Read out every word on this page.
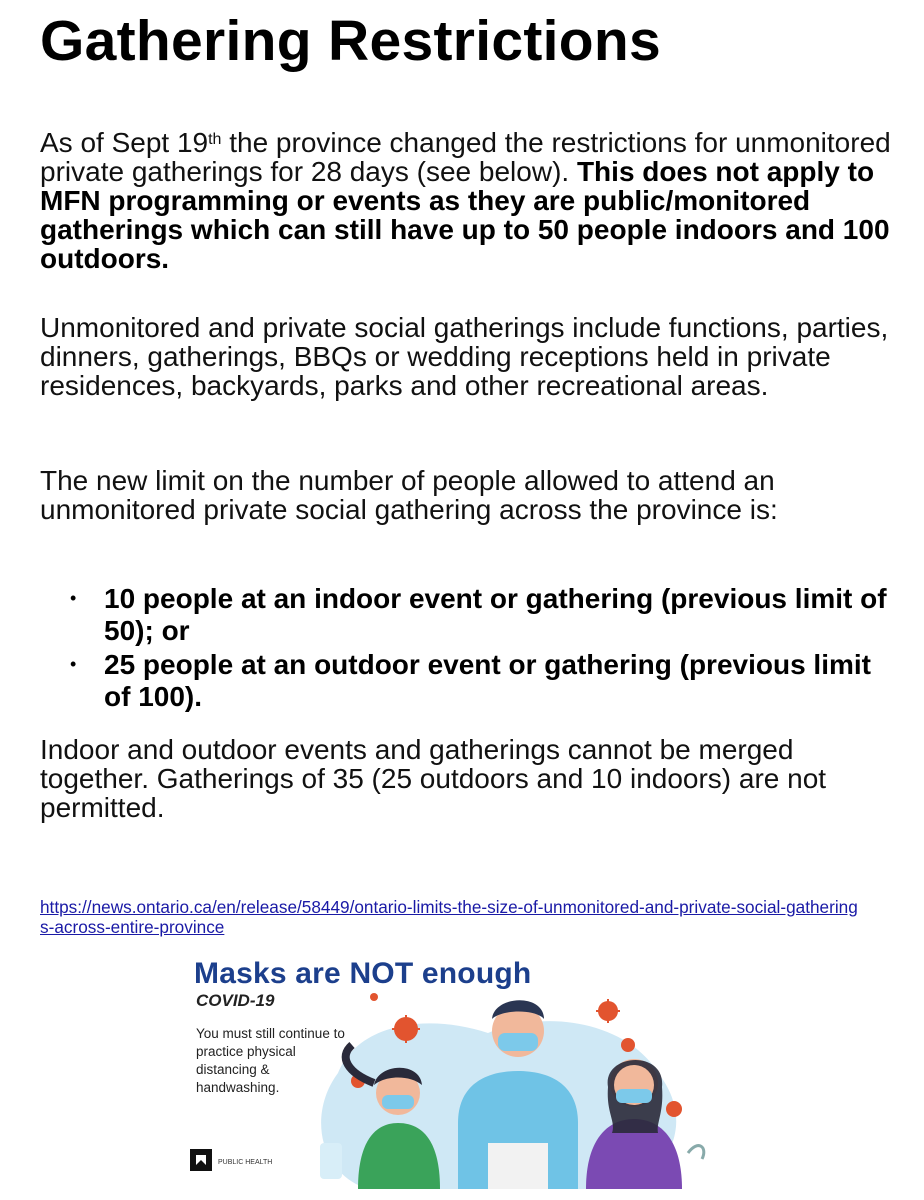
Gathering Restrictions
As of Sept 19th the province changed the restrictions for unmonitored private gatherings for 28 days (see below). This does not apply to MFN programming or events as they are public/monitored gatherings which can still have up to 50 people indoors and 100 outdoors.
Unmonitored and private social gatherings include functions, parties, dinners, gatherings, BBQs or wedding receptions held in private residences, backyards, parks and other recreational areas.
The new limit on the number of people allowed to attend an unmonitored private social gathering across the province is:
• 10 people at an indoor event or gathering (previous limit of 50); or
• 25 people at an outdoor event or gathering (previous limit of 100).
Indoor and outdoor events and gatherings cannot be merged together. Gatherings of 35 (25 outdoors and 10 indoors) are not permitted.
https://news.ontario.ca/en/release/58449/ontario-limits-the-size-of-unmonitored-and-private-social-gatherings-across-entire-province
Masks are NOT enough
COVID-19
You must still continue to practice physical distancing & handwashing.
PUBLIC HEALTH
